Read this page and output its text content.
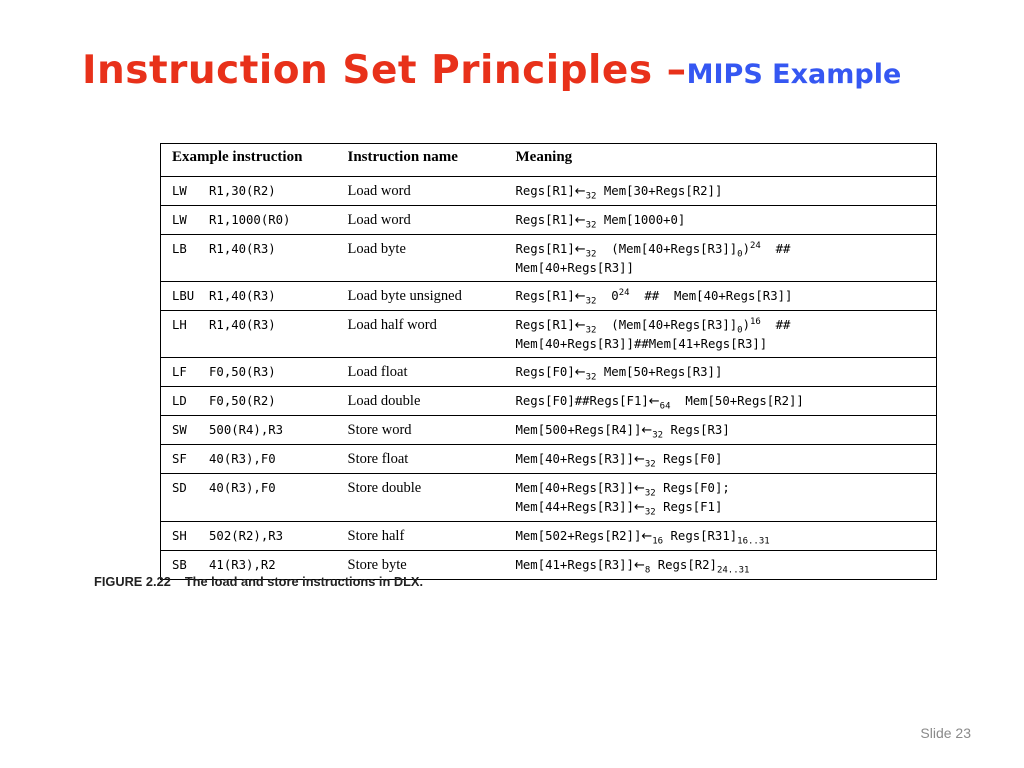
Instruction Set Principles –MIPS Example
Example instruction	Instruction name	Meaning
LW   R1,30(R2)	Load word	$Regs[R1]\leftarrow_{32}$ Mem[30+Regs[R2]]

LW   R1,1000(R0)	Load word	$Regs[R1]\leftarrow_{32}$ Mem[1000+0]

LB   R1,40(R3)	Load byte	$Regs[R1]\leftarrow_{32}$  $(Mem[40+Regs[R3]]_0)^{24}$  ##
Mem[40+Regs[R3]]

LBU  R1,40(R3)	Load byte unsigned	$Regs[R1]\leftarrow_{32}$  $0^{24}$  ##  Mem[40+Regs[R3]]

LH   R1,40(R3)	Load half word	$Regs[R1]\leftarrow_{32}$  $(Mem[40+Regs[R3]]_0)^{16}$  ##
Mem[40+Regs[R3]]##Mem[41+Regs[R3]]

LF   F0,50(R3)	Load float	$Regs[F0]\leftarrow_{32}$ Mem[50+Regs[R3]]

LD   F0,50(R2)	Load double	$Regs[F0]\#\#Regs[F1]\leftarrow_{64}$  Mem[50+Regs[R2]]

SW   500(R4),R3	Store word	$Mem[500+Regs[R4]]\leftarrow_{32}$ Regs[R3]

SF   40(R3),F0	Store float	$Mem[40+Regs[R3]]\leftarrow_{32}$ Regs[F0]

SD   40(R3),F0	Store double	$Mem[40+Regs[R3]]\leftarrow_{32}$ Regs[F0];
$Mem[44+Regs[R3]]\leftarrow_{32}$ Regs[F1]

SH   502(R2),R3	Store half	$Mem[502+Regs[R2]]\leftarrow_{16}$ $Regs[R31]_{16..31}$

SB   41(R3),R2	Store byte	$Mem[41+Regs[R3]]\leftarrow_8$ $Regs[R2]_{24..31}$
FIGURE 2.22 The load and store instructions in DLX.
Slide 23
